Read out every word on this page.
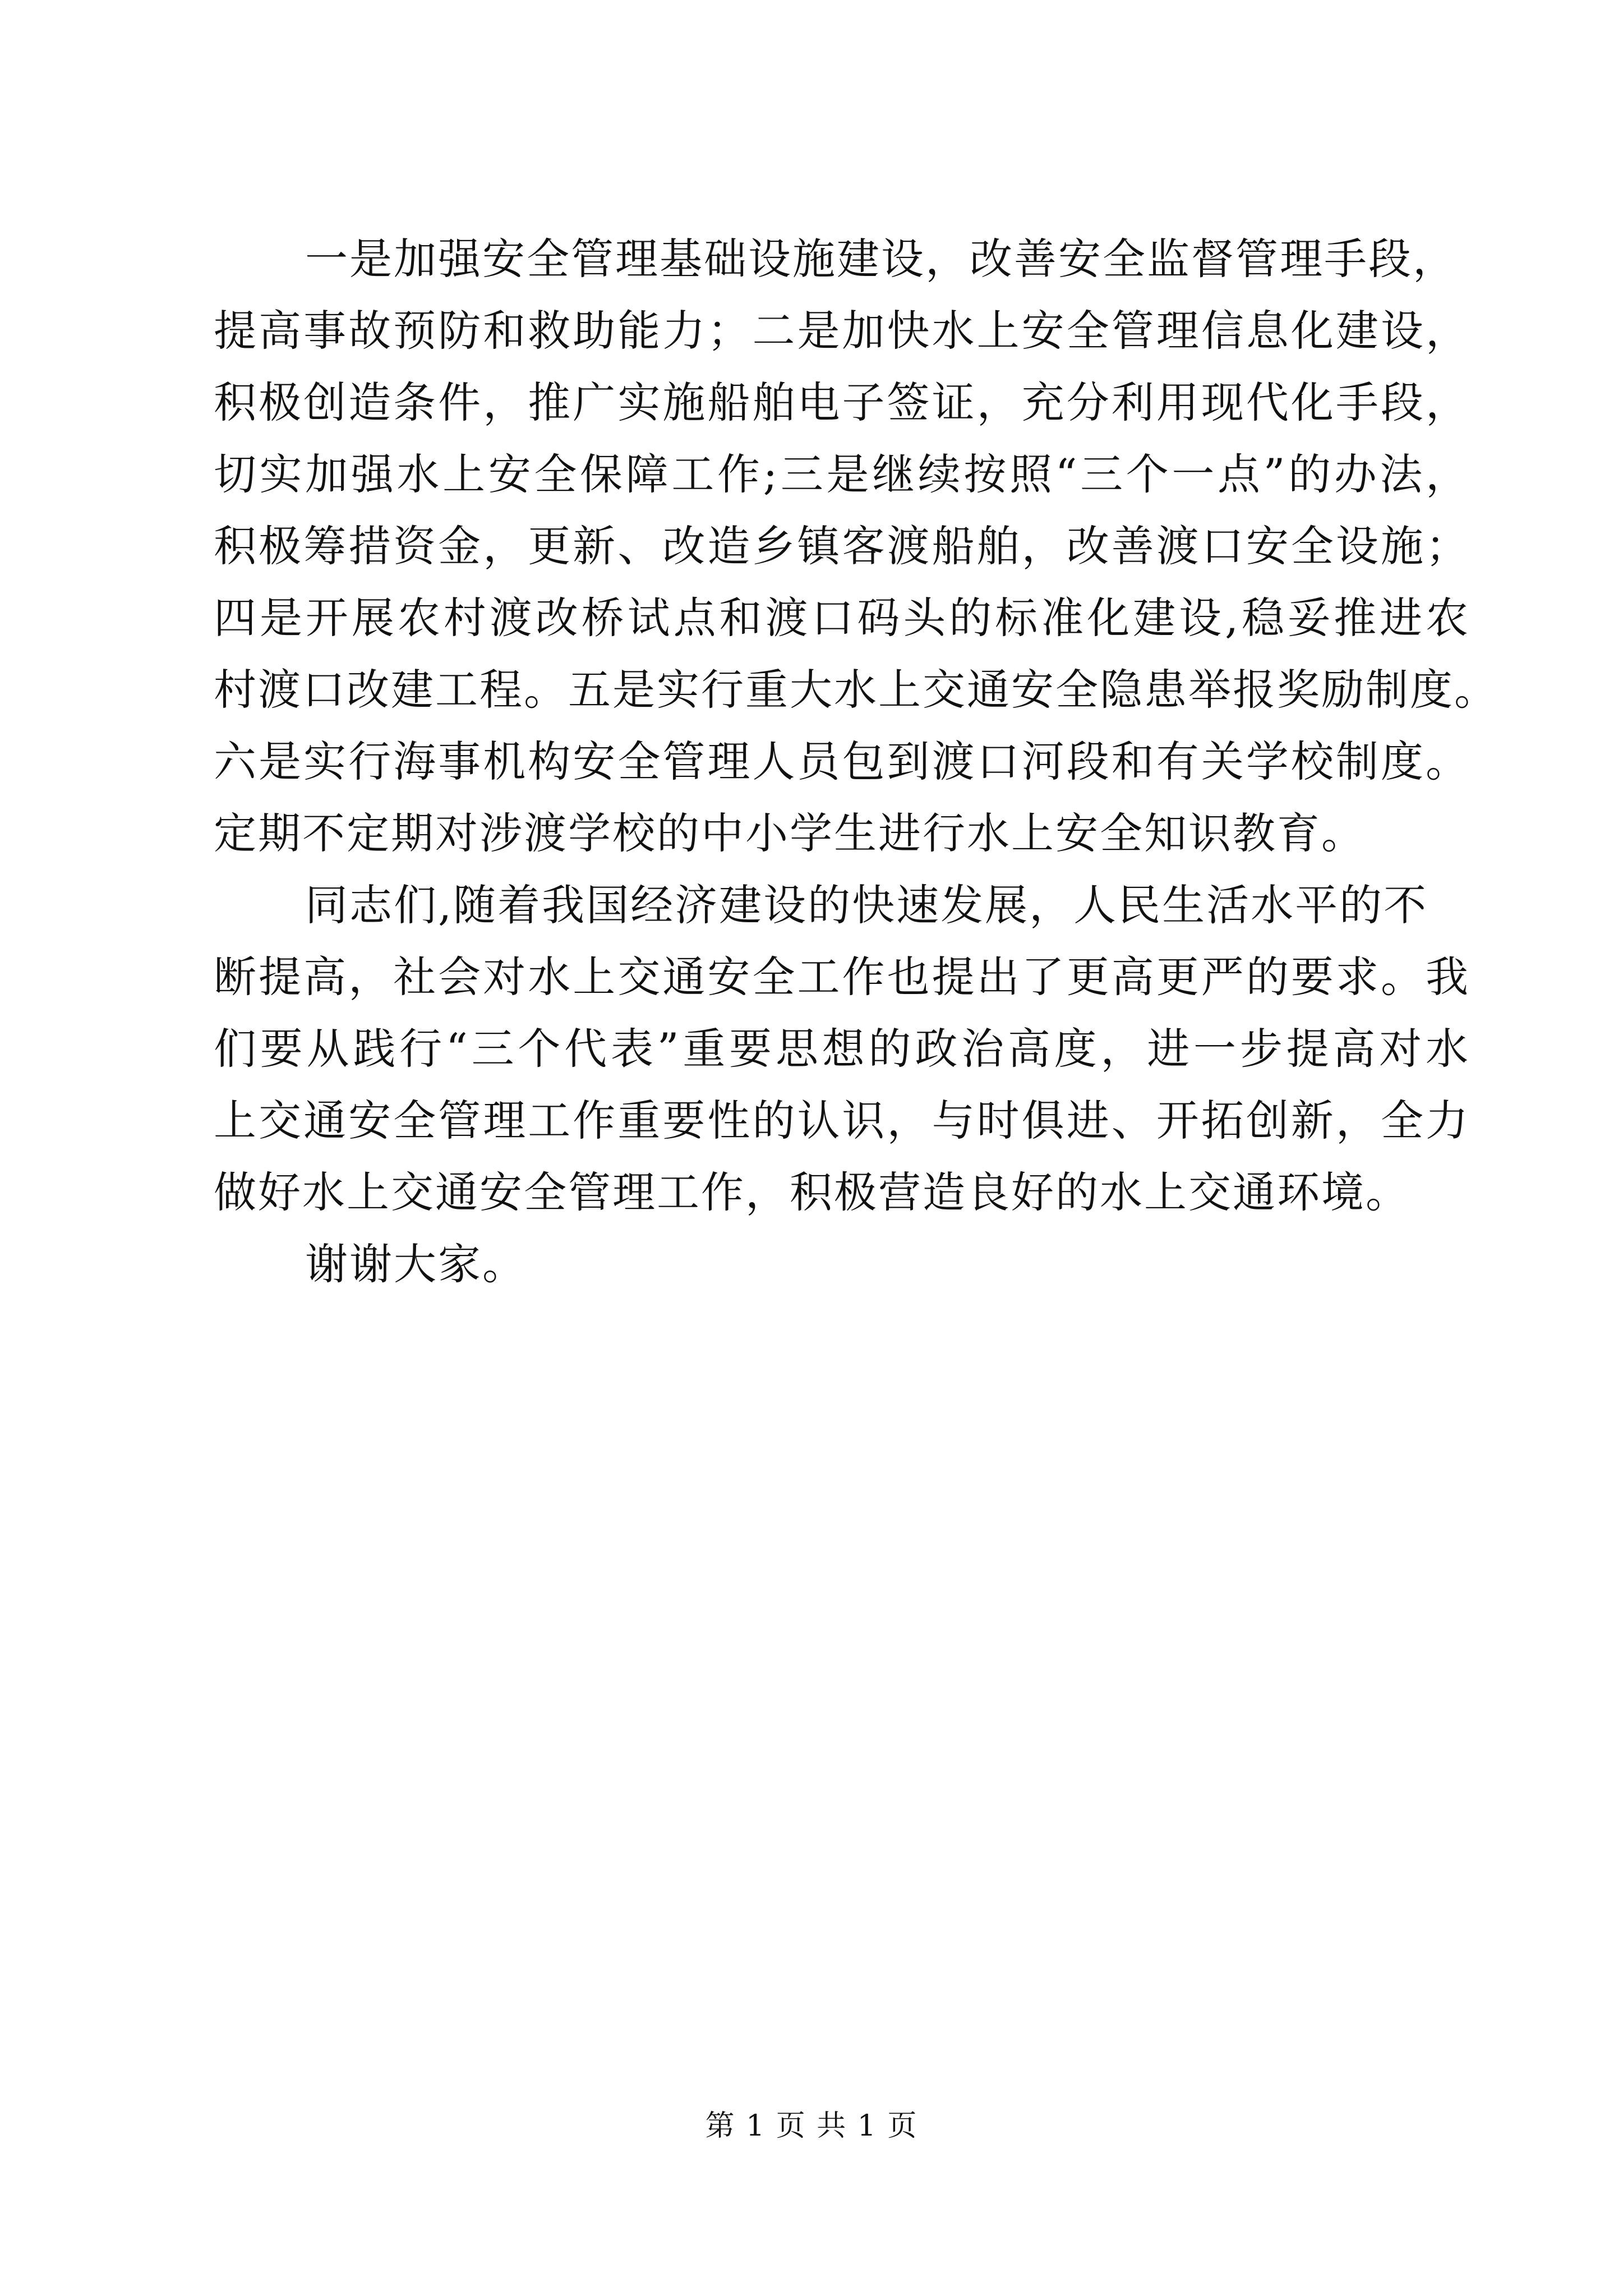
一是加强安全管理基础设施建设，改善安全监督管理手段，
提高事故预防和救助能力；二是加快水上安全管理信息化建设，
积极创造条件，推广实施船舶电子签证，充分利用现代化手段，
切实加强水上安全保障工作;三是继续按照“三个一点”的办法，
积极筹措资金，更新、改造乡镇客渡船舶，改善渡口安全设施；
四是开展农村渡改桥试点和渡口码头的标准化建设,稳妥推进农
村渡口改建工程。五是实行重大水上交通安全隐患举报奖励制度。
六是实行海事机构安全管理人员包到渡口河段和有关学校制度。
定期不定期对涉渡学校的中小学生进行水上安全知识教育。
同志们,随着我国经济建设的快速发展，人民生活水平的不
断提高，社会对水上交通安全工作也提出了更高更严的要求。我
们要从践行“三个代表”重要思想的政治高度，进一步提高对水
上交通安全管理工作重要性的认识，与时俱进、开拓创新，全力
做好水上交通安全管理工作，积极营造良好的水上交通环境。
谢谢大家。
第 1 页 共 1 页
